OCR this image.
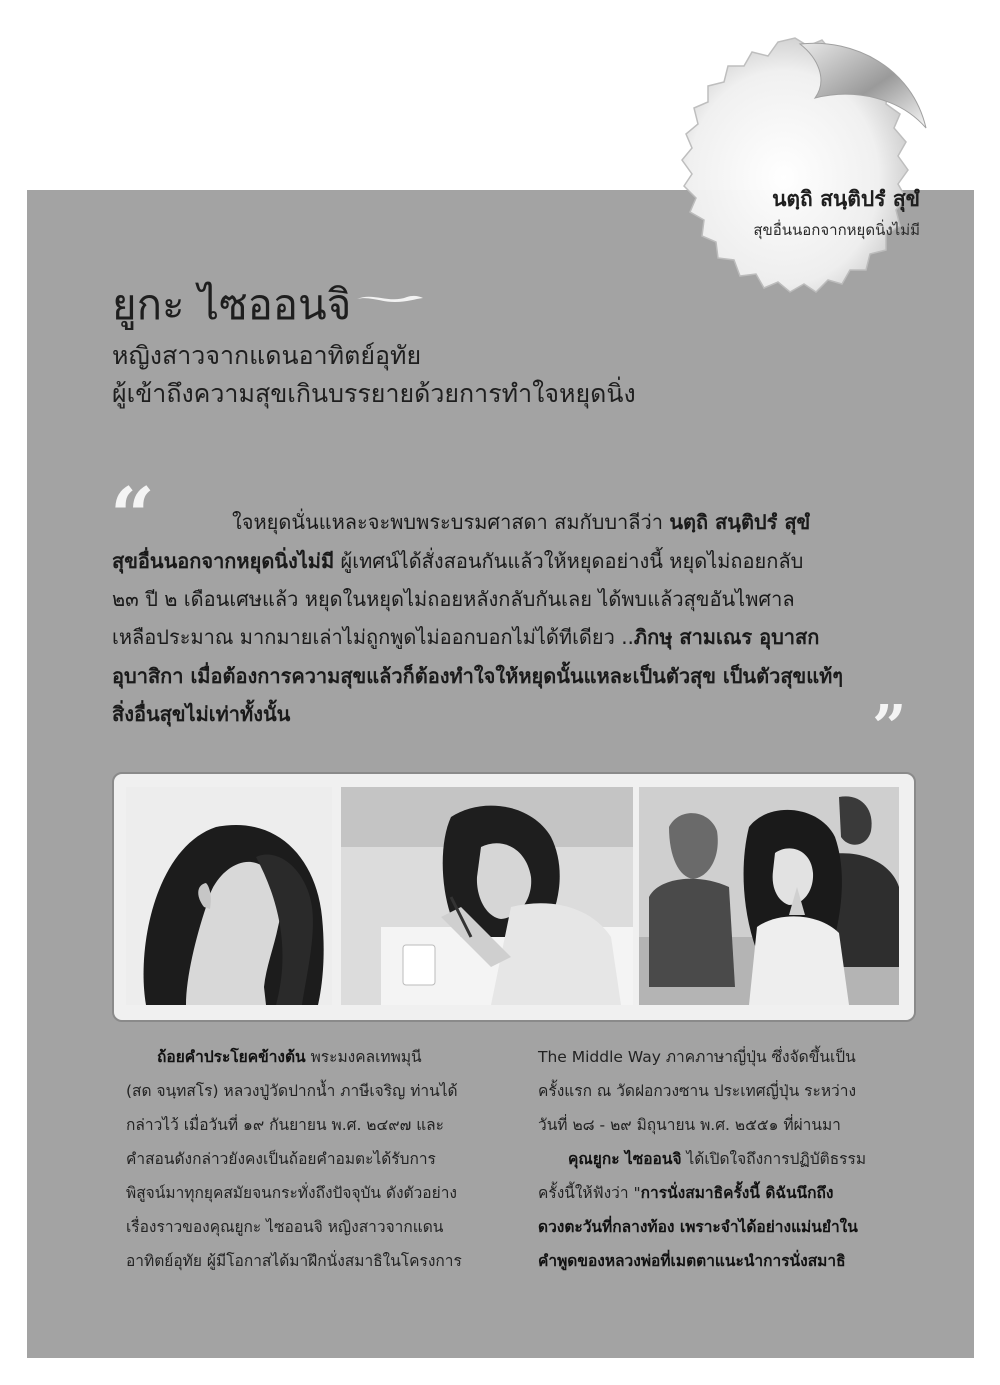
นตฺถิ สนฺติปรํ สุขํ
สุขอื่นนอกจากหยุดนิ่งไม่มี
ยูกะ ไซออนจิ
หญิงสาวจากแดนอาทิตย์อุทัย
ผู้เข้าถึงความสุขเกินบรรยายด้วยการทำใจหยุดนิ่ง
“	ใจหยุดนั่นแหละจะพบพระบรมศาสดา สมกับบาลีว่า นตฺถิ สนฺติปรํ สุขํ
สุขอื่นนอกจากหยุดนิ่งไม่มี ผู้เทศน์ได้สั่งสอนกันแล้วให้หยุดอย่างนี้ หยุดไม่ถอยกลับ
๒๓ ปี ๒ เดือนเศษแล้ว หยุดในหยุดไม่ถอยหลังกลับกันเลย ได้พบแล้วสุขอันไพศาล
เหลือประมาณ มากมายเล่าไม่ถูกพูดไม่ออกบอกไม่ได้ทีเดียว ..ภิกษุ สามเณร อุบาสก
อุบาสิกา เมื่อต้องการความสุขแล้วก็ต้องทำใจให้หยุดนั้นแหละเป็นตัวสุข เป็นตัวสุขแท้ๆ
สิ่งอื่นสุขไม่เท่าทั้งนั้น	”
ถ้อยคำประโยคข้างต้น พระมงคลเทพมุนี
(สด จนฺทสโร) หลวงปู่วัดปากน้ำ ภาษีเจริญ ท่านได้
กล่าวไว้ เมื่อวันที่ ๑๙ กันยายน พ.ศ. ๒๔๙๗ และ
คำสอนดังกล่าวยังคงเป็นถ้อยคำอมตะได้รับการ
พิสูจน์มาทุกยุคสมัยจนกระทั่งถึงปัจจุบัน ดังตัวอย่าง
เรื่องราวของคุณยูกะ ไซออนจิ หญิงสาวจากแดน
อาทิตย์อุทัย ผู้มีโอกาสได้มาฝึกนั่งสมาธิในโครงการ
The Middle Way ภาคภาษาญี่ปุ่น ซึ่งจัดขึ้นเป็น
ครั้งแรก ณ วัดฝอกวงซาน ประเทศญี่ปุ่น ระหว่าง
วันที่ ๒๘ - ๒๙ มิถุนายน พ.ศ. ๒๕๕๑ ที่ผ่านมา
คุณยูกะ ไซออนจิ ได้เปิดใจถึงการปฏิบัติธรรม
ครั้งนี้ให้ฟังว่า "การนั่งสมาธิครั้งนี้ ดิฉันนึกถึง
ดวงตะวันที่กลางท้อง เพราะจำได้อย่างแม่นยำใน
คำพูดของหลวงพ่อที่เมตตาแนะนำการนั่งสมาธิ
